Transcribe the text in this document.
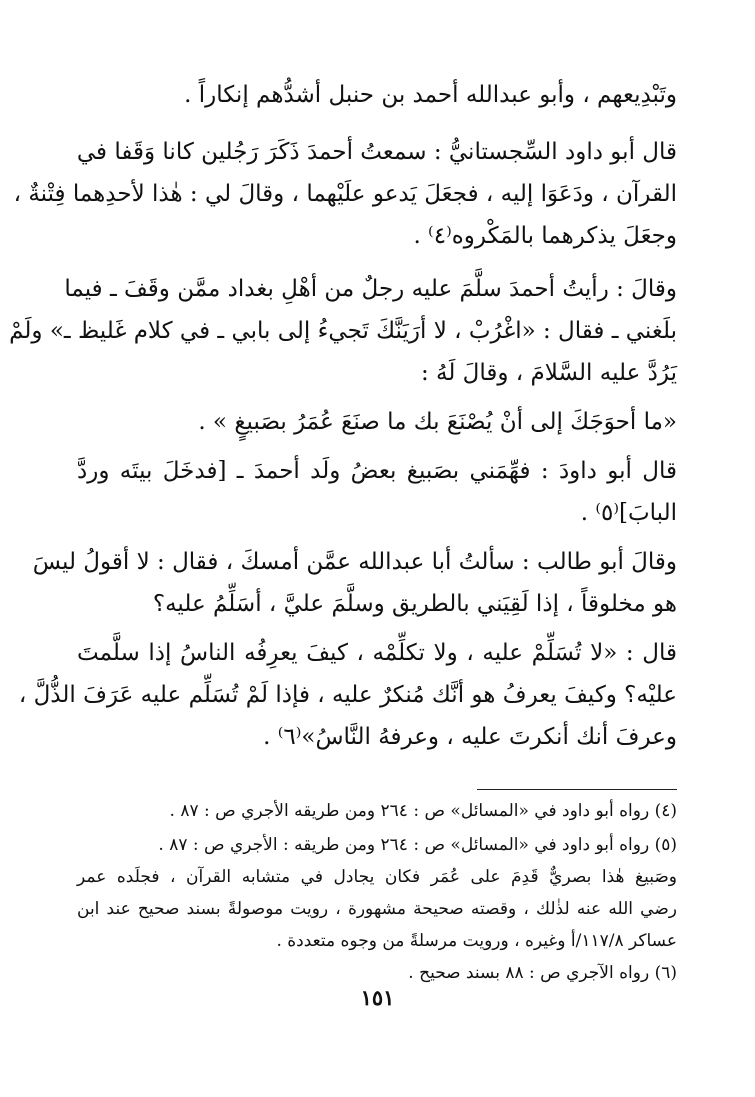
وتَبْدِيعهم ، وأبو عبدالله أحمد بن حنبل أشدُّهم إنكاراً .
قال أبو داود السِّجستانيُّ : سمعتُ أحمدَ ذَكَرَ رَجُلين كانا وَقَفا في
القرآن ، ودَعَوَا إليه ، فجعَلَ يَدعو علَيْهما ، وقالَ لي : هٰذا لأحدِهما فِتْنةٌ ،
وجعَلَ يذكرهما بالمَكْروه⁽٤⁾ .
وقالَ : رأيتُ أحمدَ سلَّمَ عليه رجلٌ من أهْلِ بغداد ممَّن وقَفَ ـ فيما
بلَغني ـ فقال : «اغْرُبْ ، لا أرَيَنَّكَ تَجيءُ إلى بابي ـ في كلام غَليظ ـ» ولَمْ
يَرُدَّ عليه السَّلامَ ، وقالَ لَهُ :
«ما أحوَجَكَ إلى أنْ يُصْنَعَ بك ما صنَعَ عُمَرُ بصَبيغٍ » .
قال أبو داودَ : فهِّمَني بصَبيغ بعضُ ولَد أحمدَ ـ [فدخَلَ بيتَه وردَّ
البابَ]⁽٥⁾ .
وقالَ أبو طالب : سألتُ أبا عبدالله عمَّن أمسكَ ، فقال : لا أقولُ ليسَ
هو مخلوقاً ، إذا لَقِيَني بالطريق وسلَّمَ عليَّ ، أسَلِّمُ عليه؟
قال : «لا تُسَلِّمْ عليه ، ولا تكلِّمْه ، كيفَ يعرِفُه الناسُ إذا سلَّمتَ
عليْه؟ وكيفَ يعرفُ هو أنَّك مُنكرٌ عليه ، فإذا لَمْ تُسَلِّم عليه عَرَفَ الذُّلَّ ،
وعرفَ أنك أنكرتَ عليه ، وعرفهُ النَّاسُ»⁽٦⁾ .
(٤) رواه أبو داود في «المسائل» ص : ٢٦٤ ومن طريقه الأجري ص : ٨٧ .
(٥) رواه أبو داود في «المسائل» ص : ٢٦٤ ومن طريقه : الأجري ص : ٨٧ .
وصَبيغ هٰذا بصريٌّ قَدِمَ على عُمَر فكان يجادل في متشابه القرآن ، فجلَده عمر
رضي الله عنه لذٰلك ، وقصته صحيحة مشهورة ، رويت موصولةً بسند صحيح عند ابن
عساكر ١١٧/٨/أ وغيره ، ورويت مرسلةً من وجوه متعددة .
(٦) رواه الآجري ص : ٨٨ بسند صحيح .
١٥١
